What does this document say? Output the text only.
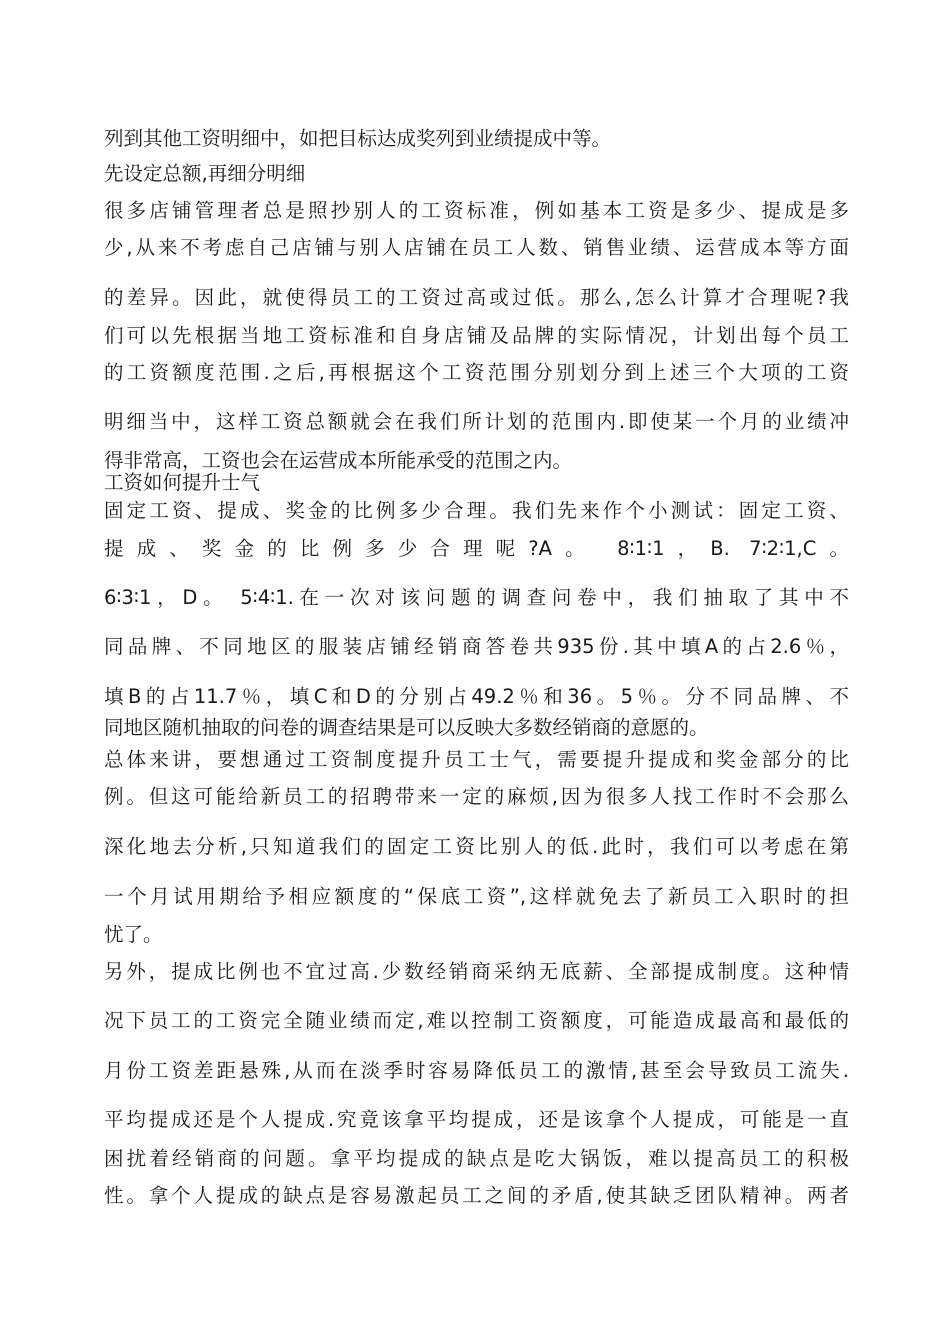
列到其他工资明细中，如把目标达成奖列到业绩提成中等。
先设定总额,再细分明细
很多店铺管理者总是照抄别人的工资标准，例如基本工资是多少、提成是多
少,从来不考虑自己店铺与别人店铺在员工人数、销售业绩、运营成本等方面
的差异。因此，就使得员工的工资过高或过低。那么,怎么计算才合理呢?我
们可以先根据当地工资标准和自身店铺及品牌的实际情况，计划出每个员工
的工资额度范围.之后,再根据这个工资范围分别划分到上述三个大项的工资
明细当中，这样工资总额就会在我们所计划的范围内.即使某一个月的业绩冲
得非常高，工资也会在运营成本所能承受的范围之内。
工资如何提升士气
固定工资、提成、奖金的比例多少合理。我们先来作个小测试：固定工资、
提成、奖金的比例多少合理呢?A。 8∶1∶1，B. 7∶2∶1,C。
6∶3∶1，D。 5∶4∶1.在一次对该问题的调查问卷中，我们抽取了其中不
同品牌、不同地区的服装店铺经销商答卷共935份.其中填A的占2.6％，
填B的占11.7％，填C和D的分别占49.2％和36。5％。分不同品牌、不
同地区随机抽取的问卷的调查结果是可以反映大多数经销商的意愿的。
总体来讲，要想通过工资制度提升员工士气，需要提升提成和奖金部分的比
例。但这可能给新员工的招聘带来一定的麻烦,因为很多人找工作时不会那么
深化地去分析,只知道我们的固定工资比别人的低.此时，我们可以考虑在第
一个月试用期给予相应额度的“保底工资”,这样就免去了新员工入职时的担
忧了。
另外，提成比例也不宜过高.少数经销商采纳无底薪、全部提成制度。这种情
况下员工的工资完全随业绩而定,难以控制工资额度，可能造成最高和最低的
月份工资差距悬殊,从而在淡季时容易降低员工的激情,甚至会导致员工流失.
平均提成还是个人提成.究竟该拿平均提成，还是该拿个人提成，可能是一直
困扰着经销商的问题。拿平均提成的缺点是吃大锅饭，难以提高员工的积极
性。拿个人提成的缺点是容易激起员工之间的矛盾,使其缺乏团队精神。两者
